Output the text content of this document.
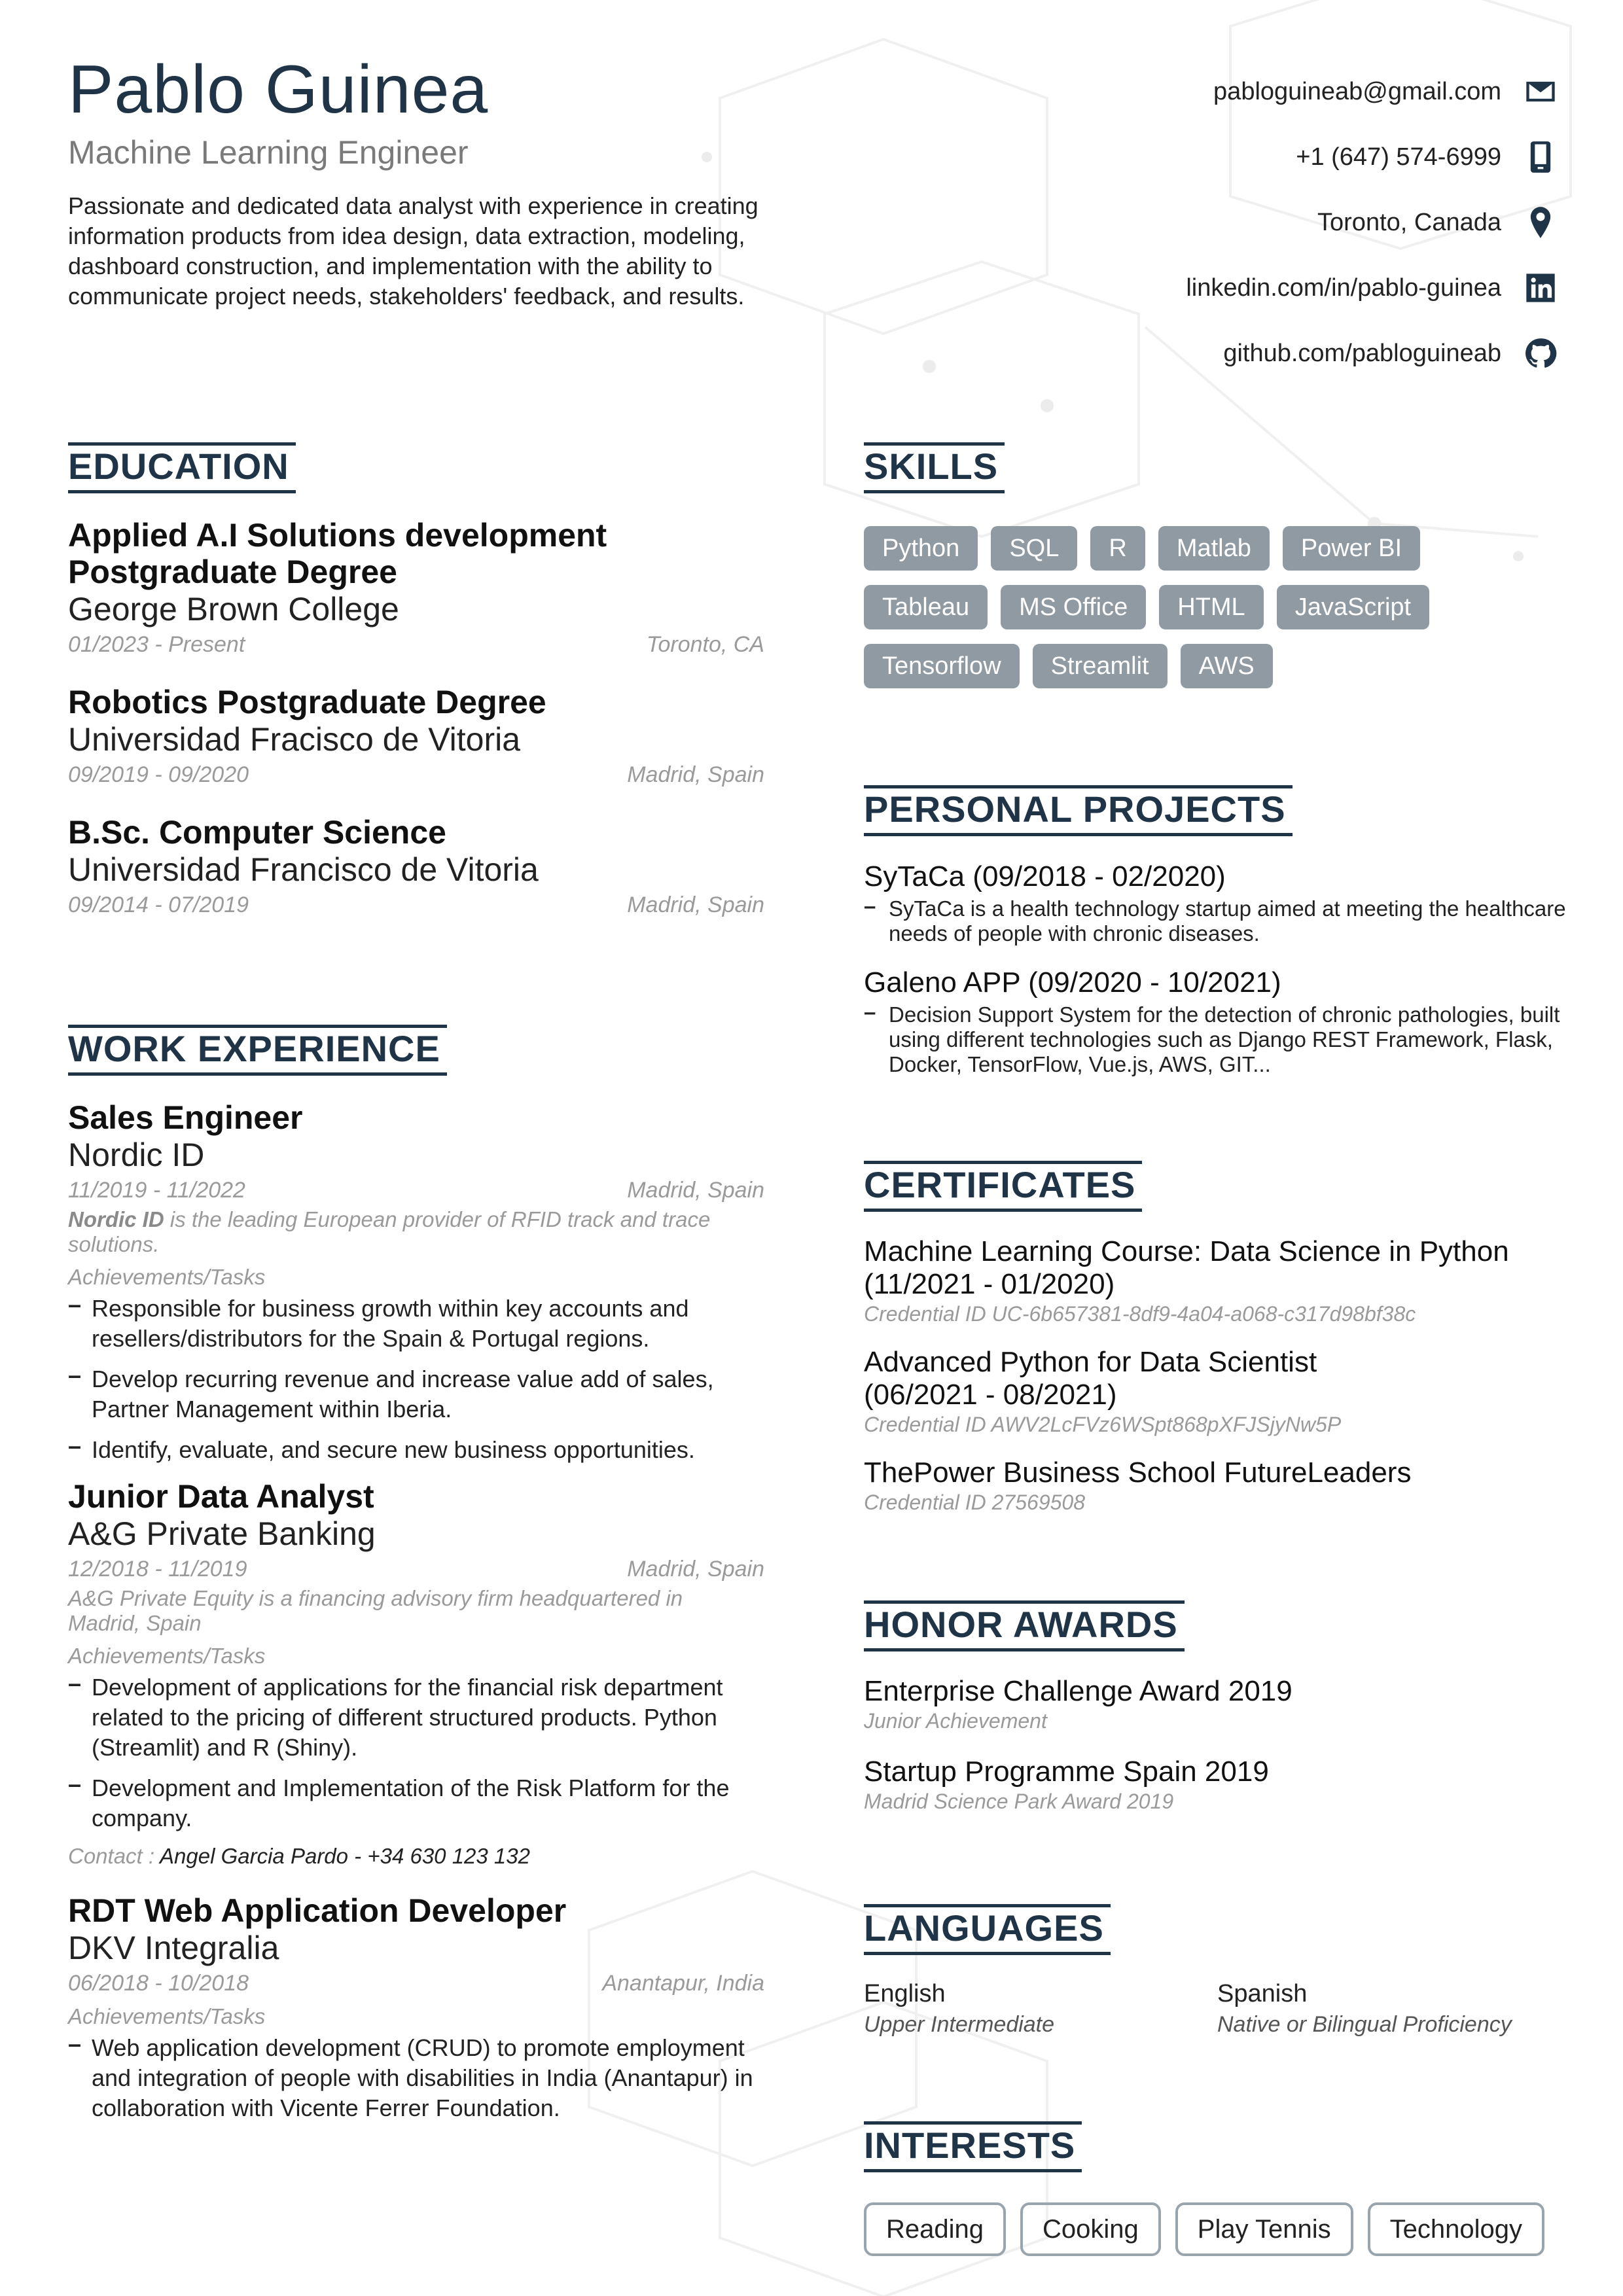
Pablo Guinea
Machine Learning Engineer
Passionate and dedicated data analyst with experience in creating information products from idea design, data extraction, modeling, dashboard construction, and implementation with the ability to communicate project needs, stakeholders' feedback, and results.
pabloguineab@gmail.com
+1 (647) 574-6999
Toronto, Canada
linkedin.com/in/pablo-guinea
github.com/pabloguineab
EDUCATION
Applied A.I Solutions development Postgraduate Degree
George Brown College
01/2023 - Present	Toronto, CA
Robotics Postgraduate Degree
Universidad Fracisco de Vitoria
09/2019 - 09/2020	Madrid, Spain
B.Sc. Computer Science
Universidad Francisco de Vitoria
09/2014 - 07/2019	Madrid, Spain
WORK EXPERIENCE
Sales Engineer
Nordic ID
11/2019 - 11/2022	Madrid, Spain
Nordic ID is the leading European provider of RFID track and trace solutions.
Achievements/Tasks
– Responsible for business growth within key accounts and resellers/distributors for the Spain & Portugal regions.
– Develop recurring revenue and increase value add of sales, Partner Management within Iberia.
– Identify, evaluate, and secure new business opportunities.
Junior Data Analyst
A&G Private Banking
12/2018 - 11/2019	Madrid, Spain
A&G Private Equity is a financing advisory firm headquartered in Madrid, Spain
Achievements/Tasks
– Development of applications for the financial risk department related to the pricing of different structured products. Python (Streamlit) and R (Shiny).
– Development and Implementation of the Risk Platform for the company.
Contact : Angel Garcia Pardo - +34 630 123 132
RDT Web Application Developer
DKV Integralia
06/2018 - 10/2018	Anantapur, India
Achievements/Tasks
– Web application development (CRUD) to promote employment and integration of people with disabilities in India (Anantapur) in collaboration with Vicente Ferrer Foundation.
SKILLS
Python	SQL	R	Matlab	Power BI
Tableau	MS Office	HTML	JavaScript
Tensorflow	Streamlit	AWS
PERSONAL PROJECTS
SyTaCa (09/2018 - 02/2020)
– SyTaCa is a health technology startup aimed at meeting the healthcare needs of people with chronic diseases.
Galeno APP (09/2020 - 10/2021)
– Decision Support System for the detection of chronic pathologies, built using different technologies such as Django REST Framework, Flask, Docker, TensorFlow, Vue.js, AWS, GIT...
CERTIFICATES
Machine Learning Course: Data Science in Python
(11/2021 - 01/2020)
Credential ID UC-6b657381-8df9-4a04-a068-c317d98bf38c
Advanced Python for Data Scientist
(06/2021 - 08/2021)
Credential ID AWV2LcFVz6WSpt868pXFJSjyNw5P
ThePower Business School FutureLeaders
Credential ID 27569508
HONOR AWARDS
Enterprise Challenge Award 2019
Junior Achievement
Startup Programme Spain 2019
Madrid Science Park Award 2019
LANGUAGES
English
Upper Intermediate
Spanish
Native or Bilingual Proficiency
INTERESTS
Reading	Cooking	Play Tennis	Technology
